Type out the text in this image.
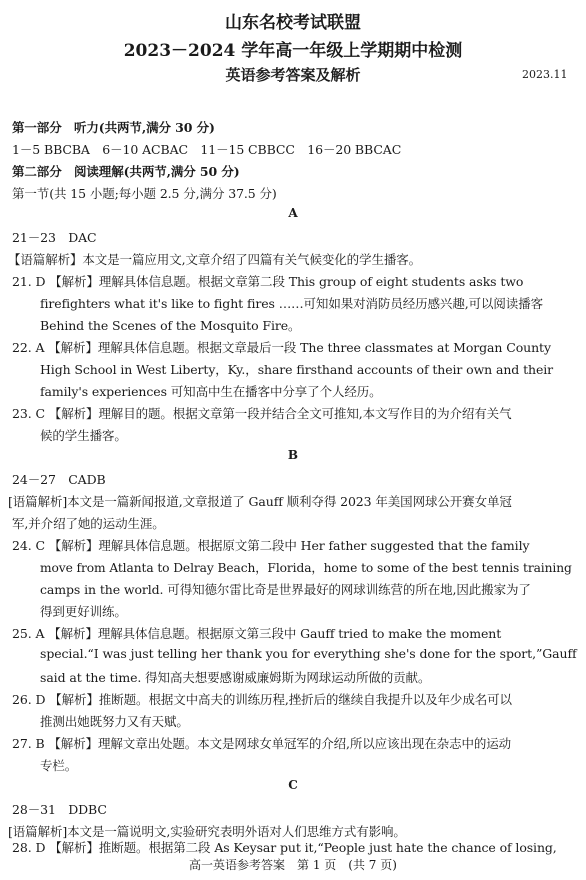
山东名校考试联盟
2023－2024 学年高一年级上学期期中检测
英语参考答案及解析	2023.11
第一部分　听力(共两节,满分 30 分)
1－5 BBCBA　6－10 ACBAC　11－15 CBBCC　16－20 BBCAC
第二部分　阅读理解(共两节,满分 50 分)
第一节(共 15 小题;每小题 2.5 分,满分 37.5 分)
A
21－23　DAC
【语篇解析】本文是一篇应用文,文章介绍了四篇有关气候变化的学生播客。
21. D 【解析】理解具体信息题。根据文章第二段 This group of eight students asks two
firefighters what it's like to fight fires ……可知如果对消防员经历感兴趣,可以阅读播客
Behind the Scenes of the Mosquito Fire。
22. A 【解析】理解具体信息题。根据文章最后一段 The three classmates at Morgan County
High School in West Liberty，Ky.，share firsthand accounts of their own and their
family's experiences 可知高中生在播客中分享了个人经历。
23. C 【解析】理解目的题。根据文章第一段并结合全文可推知,本文写作目的为介绍有关气
候的学生播客。
B
24－27　CADB
[语篇解析]本文是一篇新闻报道,文章报道了 Gauff 顺利夺得 2023 年美国网球公开赛女单冠
军,并介绍了她的运动生涯。
24. C 【解析】理解具体信息题。根据原文第二段中 Her father suggested that the family
move from Atlanta to Delray Beach，Florida，home to some of the best tennis training
camps in the world. 可得知德尔雷比奇是世界最好的网球训练营的所在地,因此搬家为了
得到更好训练。
25. A 【解析】理解具体信息题。根据原文第三段中 Gauff tried to make the moment
special.“I was just telling her thank you for everything she's done for the sport,”Gauff
said at the time. 得知高夫想要感谢威廉姆斯为网球运动所做的贡献。
26. D 【解析】推断题。根据文中高夫的训练历程,挫折后的继续自我提升以及年少成名可以
推测出她既努力又有天赋。
27. B 【解析】理解文章出处题。本文是网球女单冠军的介绍,所以应该出现在杂志中的运动
专栏。
C
28－31　DDBC
[语篇解析]本文是一篇说明文,实验研究表明外语对人们思维方式有影响。
28. D 【解析】推断题。根据第二段 As Keysar put it,“People just hate the chance of losing,
高一英语参考答案　第 1 页　(共 7 页)
